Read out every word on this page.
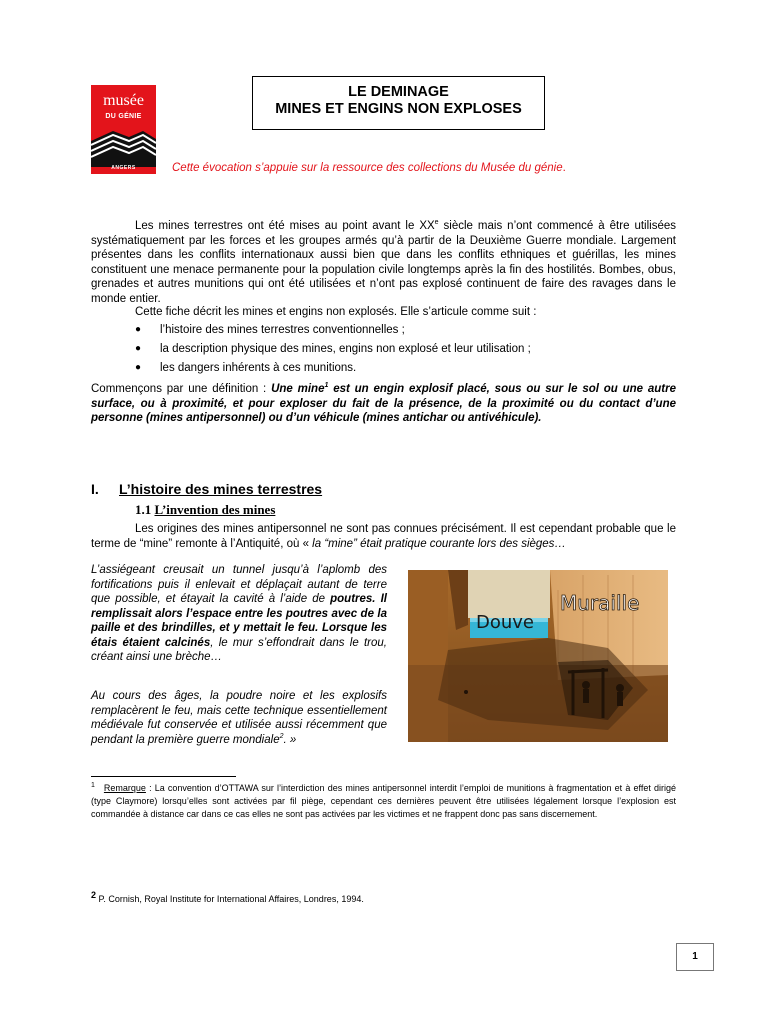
musée
DU GÉNIE
ANGERS
LE DEMINAGE
MINES ET ENGINS NON EXPLOSES
Cette évocation s’appuie sur la ressource des collections du Musée du génie.
Les mines terrestres ont été mises au point avant le XXe siècle mais n’ont commencé à être utilisées systématiquement par les forces et les groupes armés qu’à partir de la Deuxième Guerre mondiale. Largement présentes dans les conflits internationaux aussi bien que dans les conflits ethniques et guérillas, les mines constituent une menace permanente pour la population civile longtemps après la fin des hostilités. Bombes, obus, grenades et autres munitions qui ont été utilisées et n’ont pas explosé continuent de faire des ravages dans le monde entier.
Cette fiche décrit les mines et engins non explosés. Elle s’articule comme suit :
● l’histoire des mines terrestres conventionnelles ;
● la description physique des mines, engins non explosé et leur utilisation ;
● les dangers inhérents à ces munitions.
Commençons par une définition : Une mine$^1$ est un engin explosif placé, sous ou sur le sol ou une autre surface, ou à proximité, et pour exploser du fait de la présence, de la proximité ou du contact d’une personne (mines antipersonnel) ou d’un véhicule (mines antichar ou antivéhicule).
I. L’histoire des mines terrestres
1.1 L’invention des mines
Les origines des mines antipersonnel ne sont pas connues précisément. Il est cependant probable que le terme de “mine” remonte à l’Antiquité, où « la “mine” était pratique courante lors des sièges…
L’assiégeant creusait un tunnel jusqu’à l’aplomb des fortifications puis il enlevait et déplaçait autant de terre que possible, et étayait la cavité à l’aide de poutres. Il remplissait alors l’espace entre les poutres avec de la paille et des brindilles, et y mettait le feu. Lorsque les étais étaient calcinés, le mur s’effondrait dans le trou, créant ainsi une brèche…
Au cours des âges, la poudre noire et les explosifs remplacèrent le feu, mais cette technique essentiellement médiévale fut conservée et utilisée aussi récemment que pendant la première guerre mondiale$^2$. »
Muraille
Douve
$^1$ Remarque : La convention d’OTTAWA sur l’interdiction des mines antipersonnel interdit l’emploi de munitions à fragmentation et à effet dirigé (type Claymore) lorsqu’elles sont activées par fil piège, cependant ces dernières peuvent être utilisées légalement lorsque l’explosion est commandée à distance car dans ce cas elles ne sont pas activées par les victimes et ne frappent donc pas sans discernement.
$^2$ P. Cornish, Royal Institute for International Affaires, Londres, 1994.
1
